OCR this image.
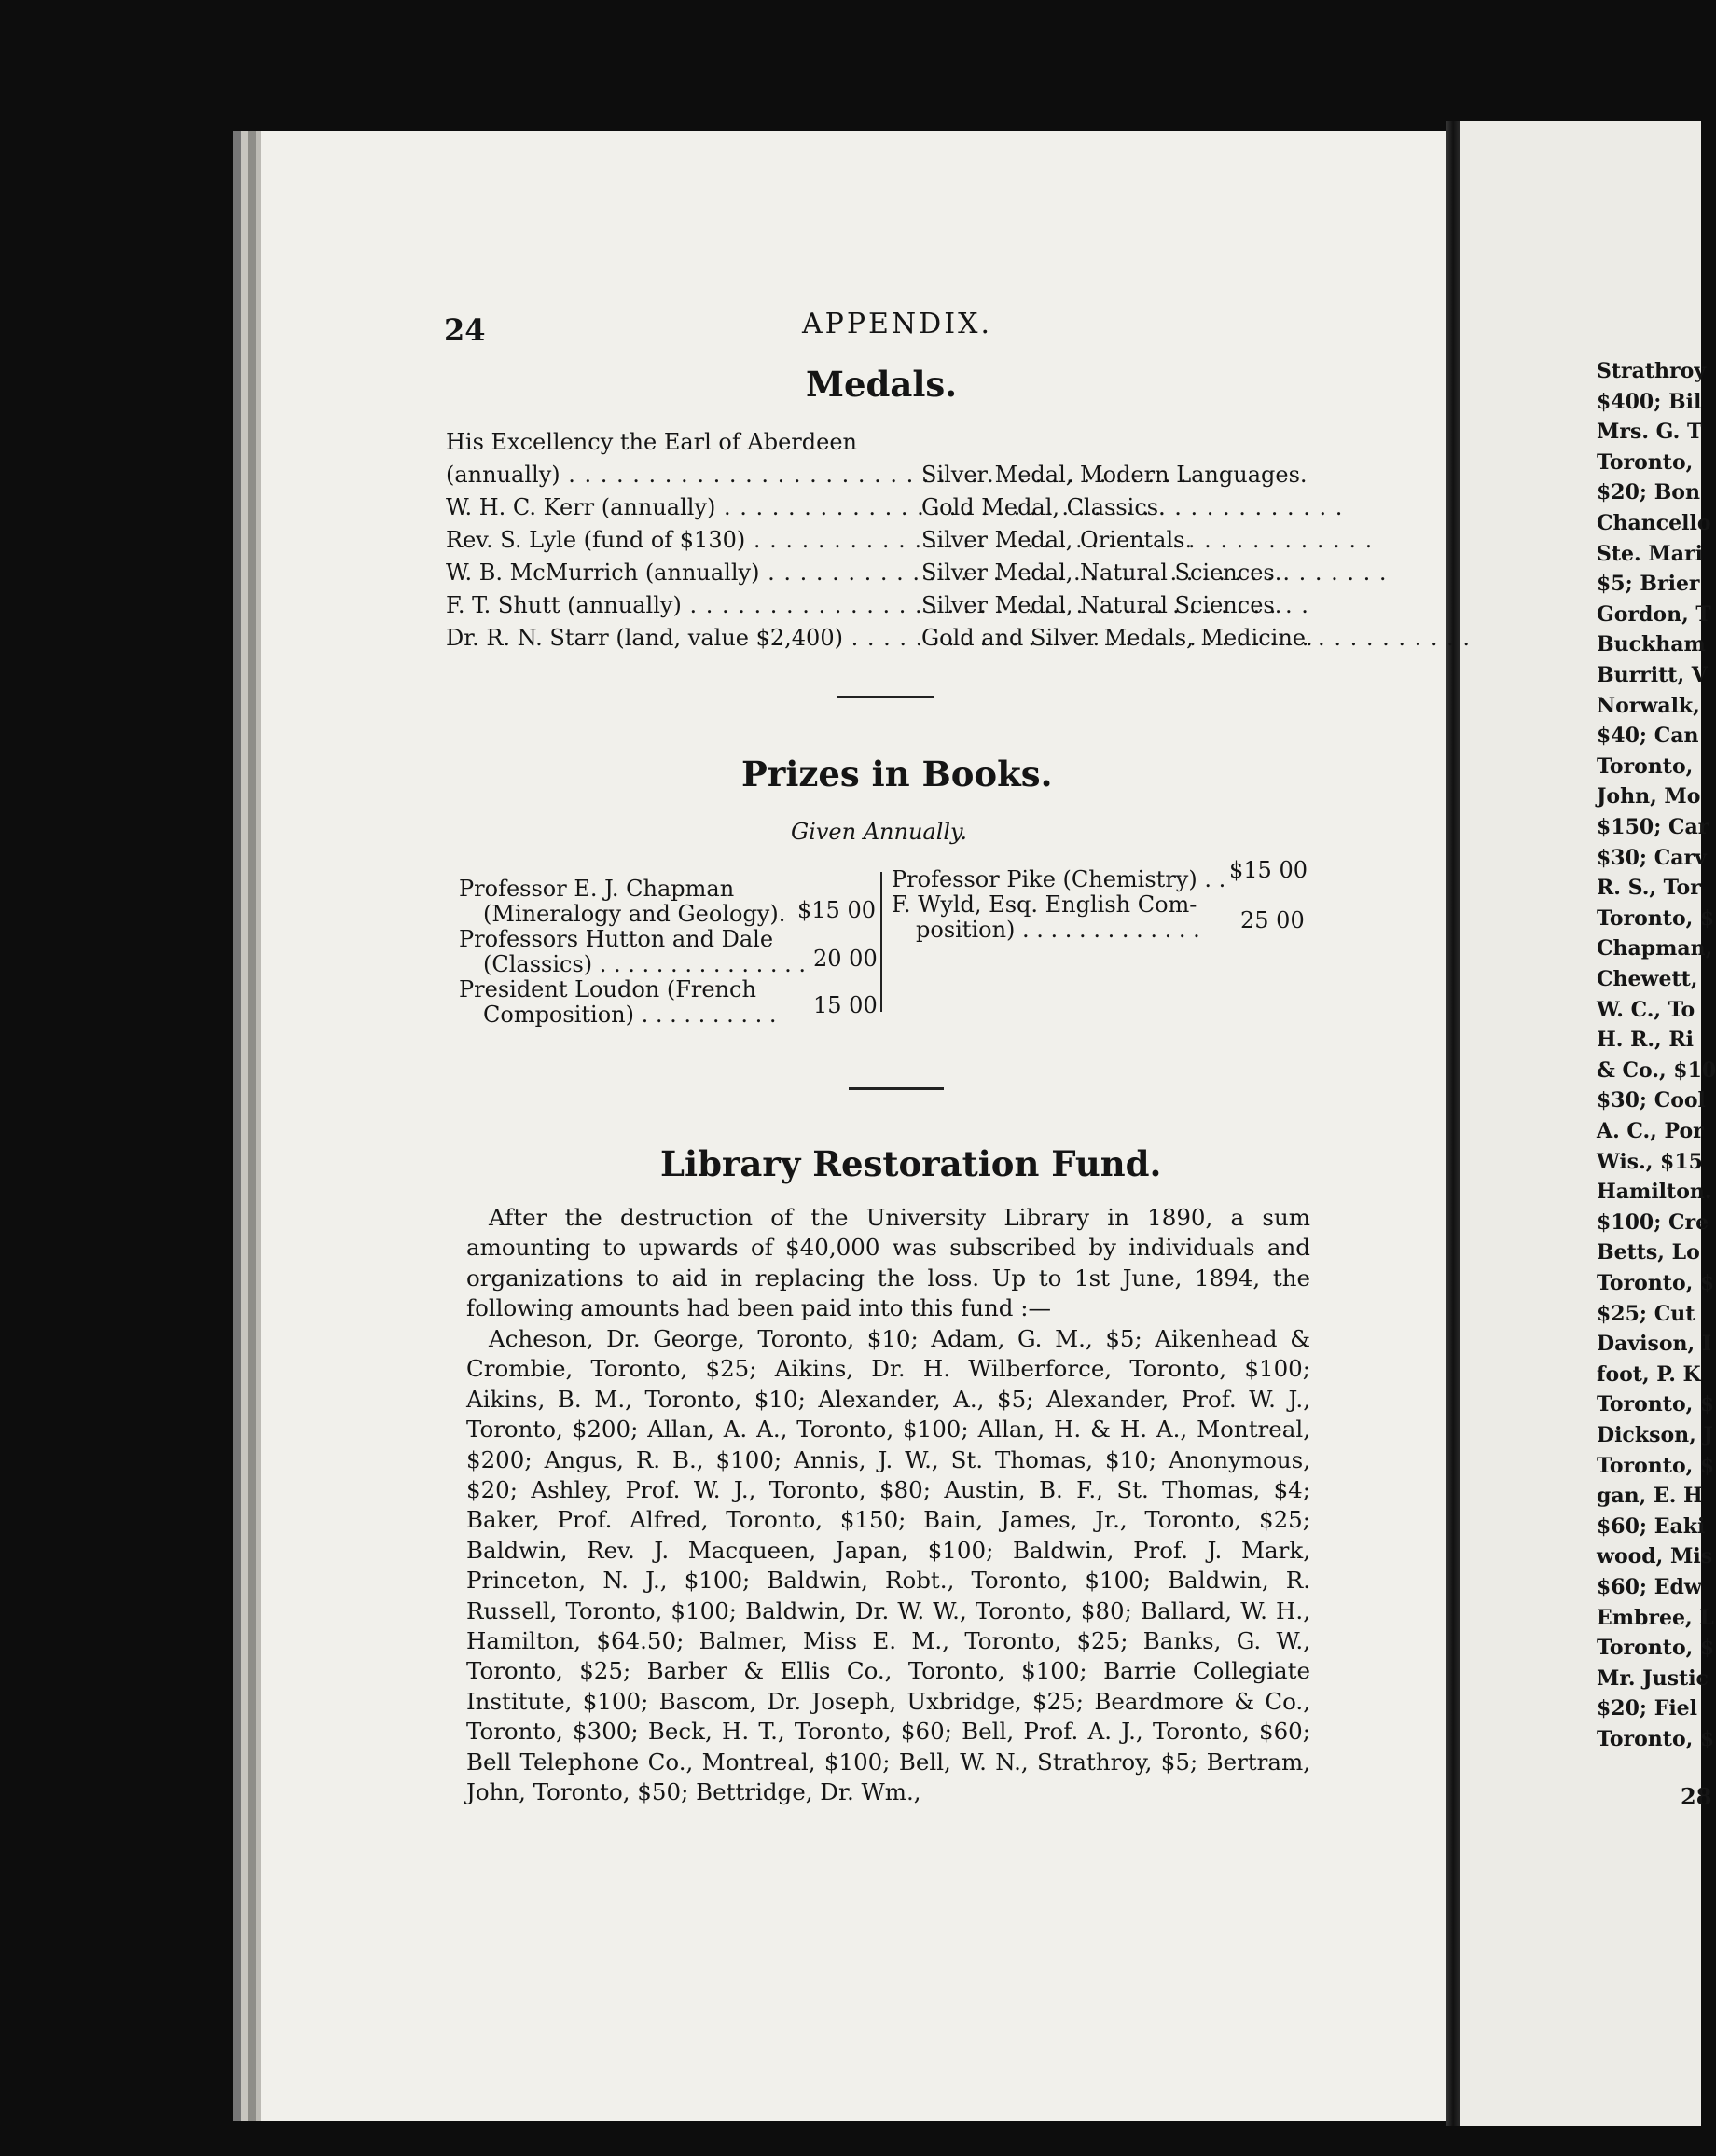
24	APPENDIX.
Medals.
His Excellency the Earl of Aberdeen
(annually) . . .	Silver Medal, Modern Languages.
W. H. C. Kerr (annually) . . .	Gold Medal, Classics.
Rev. S. Lyle (fund of $130) . . .	Silver Medal, Orientals.
W. B. McMurrich (annually) . . .	Silver Medal, Natural Sciences.
F. T. Shutt (annually) . . .	Silver Medal, Natural Sciences.
Dr. R. N. Starr (land, value $2,400) . . .	Gold and Silver Medals, Medicine.
Prizes in Books.
Given Annually.
Professor E. J. Chapman
(Mineralogy and Geology). $15 00
Professors Hutton and Dale
(Classics) . . . . . . . . . . . . . . . 20 00
President Loudon (French
Composition) . . . . . . . . . . 15 00
Professor Pike (Chemistry) . . $15 00
F. Wyld, Esq. English Com-
position) . . . . . . . . . . . . . 25 00
Library Restoration Fund.
After the destruction of the University Library in 1890, a sum amounting to upwards of $40,000 was subscribed by individuals and organizations to aid in replacing the loss. Up to 1st June, 1894, the following amounts had been paid into this fund :—
Acheson, Dr. George, Toronto, $10; Adam, G. M., $5; Aikenhead & Crombie, Toronto, $25; Aikins, Dr. H. Wilberforce, Toronto, $100; Aikins, B. M., Toronto, $10; Alexander, A., $5; Alexander, Prof. W. J., Toronto, $200; Allan, A. A., Toronto, $100; Allan, H. & H. A., Montreal, $200; Angus, R. B., $100; Annis, J. W., St. Thomas, $10; Anonymous, $20; Ashley, Prof. W. J., Toronto, $80; Austin, B. F., St. Thomas, $4; Baker, Prof. Alfred, Toronto, $150; Bain, James, Jr., Toronto, $25; Baldwin, Rev. J. Macqueen, Japan, $100; Baldwin, Prof. J. Mark, Princeton, N. J., $100; Baldwin, Robt., Toronto, $100; Baldwin, R. Russell, Toronto, $100; Baldwin, Dr. W. W., Toronto, $80; Ballard, W. H., Hamilton, $64.50; Balmer, Miss E. M., Toronto, $25; Banks, G. W., Toronto, $25; Barber & Ellis Co., Toronto, $100; Barrie Collegiate Institute, $100; Bascom, Dr. Joseph, Uxbridge, $25; Beardmore & Co., Toronto, $300; Beck, H. T., Toronto, $60; Bell, Prof. A. J., Toronto, $60; Bell Telephone Co., Montreal, $100; Bell, W. N., Strathroy, $5; Bertram, John, Toronto, $50; Bettridge, Dr. Wm.,
Strathroy
$400; Bil
Mrs. G. T
Toronto,
$20; Bon
Chancello
Ste. Mari
$5; Brier
Gordon, T
Buckham
Burritt, V
Norwalk,
$40; Can
Toronto,
John, Mo
$150; Car
$30; Carv
R. S., Tor
Toronto, $
Chapman,
Chewett,
W. C., To
H. R., Ri
& Co., $10
$30; Cool
A. C., Por
Wis., $15
Hamilton.
$100; Cre
Betts, Lo
Toronto, $
$25; Cut
Davison, I
foot, P. K
Toronto, $
Dickson, J
Toronto, $
gan, E. H
$60; Eaki
wood, Mis
$60; Edw
Embree, L
Toronto, $
Mr. Justic
$20; Fiel
Toronto, $
28
